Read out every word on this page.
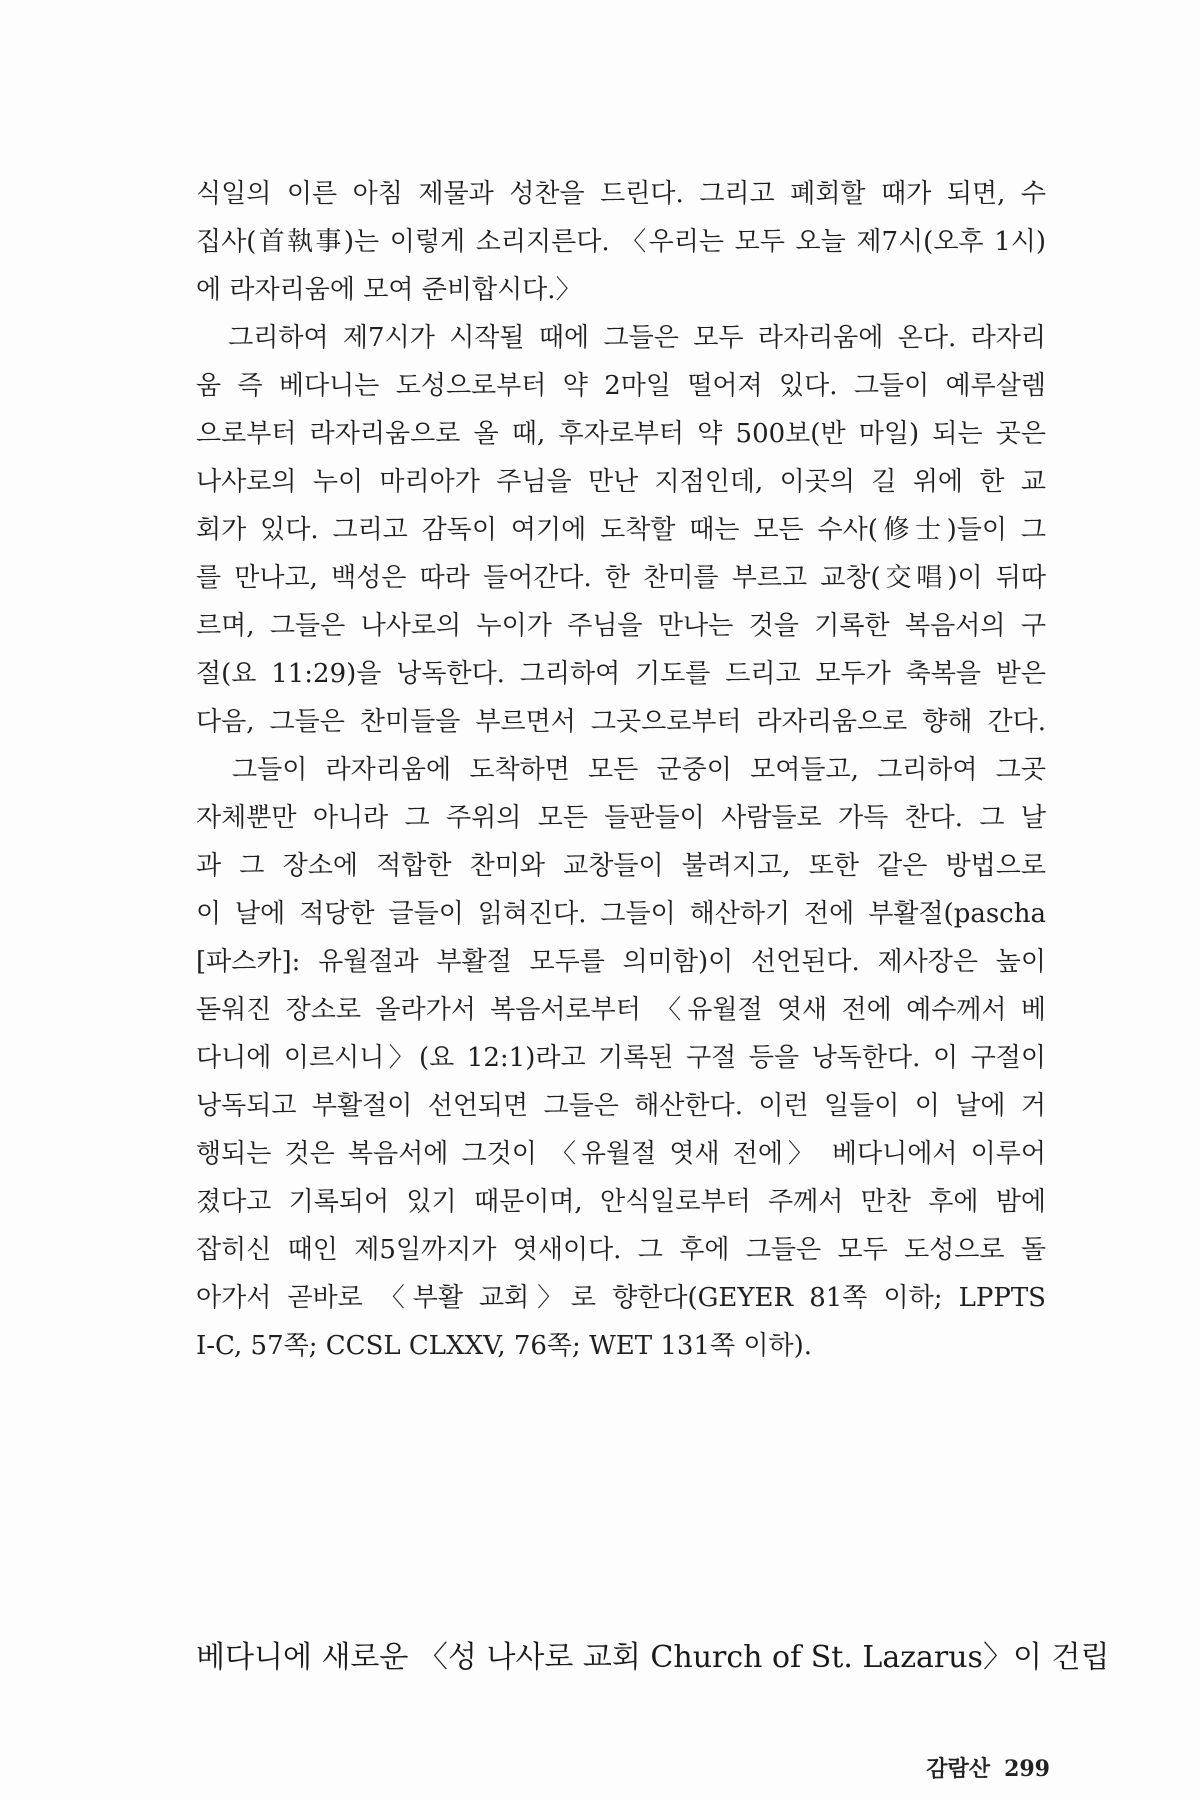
식일의 이른 아침 제물과 성찬을 드린다. 그리고 폐회할 때가 되면, 수
집사(首執事)는 이렇게 소리지른다. 〈우리는 모두 오늘 제7시(오후 1시)
에 라자리움에 모여 준비합시다.〉
　그리하여 제7시가 시작될 때에 그들은 모두 라자리움에 온다. 라자리
움 즉 베다니는 도성으로부터 약 2마일 떨어져 있다. 그들이 예루살렘
으로부터 라자리움으로 올 때, 후자로부터 약 500보(반 마일) 되는 곳은
나사로의 누이 마리아가 주님을 만난 지점인데, 이곳의 길 위에 한 교
회가 있다. 그리고 감독이 여기에 도착할 때는 모든 수사(修士)들이 그
를 만나고, 백성은 따라 들어간다. 한 찬미를 부르고 교창(交唱)이 뒤따
르며, 그들은 나사로의 누이가 주님을 만나는 것을 기록한 복음서의 구
절(요 11:29)을 낭독한다. 그리하여 기도를 드리고 모두가 축복을 받은
다음, 그들은 찬미들을 부르면서 그곳으로부터 라자리움으로 향해 간다.
　그들이 라자리움에 도착하면 모든 군중이 모여들고, 그리하여 그곳
자체뿐만 아니라 그 주위의 모든 들판들이 사람들로 가득 찬다. 그 날
과 그 장소에 적합한 찬미와 교창들이 불려지고, 또한 같은 방법으로
이 날에 적당한 글들이 읽혀진다. 그들이 해산하기 전에 부활절(pascha
[파스카]: 유월절과 부활절 모두를 의미함)이 선언된다. 제사장은 높이
돋워진 장소로 올라가서 복음서로부터 〈유월절 엿새 전에 예수께서 베
다니에 이르시니〉(요 12:1)라고 기록된 구절 등을 낭독한다. 이 구절이
낭독되고 부활절이 선언되면 그들은 해산한다. 이런 일들이 이 날에 거
행되는 것은 복음서에 그것이 〈유월절 엿새 전에〉 베다니에서 이루어
졌다고 기록되어 있기 때문이며, 안식일로부터 주께서 만찬 후에 밤에
잡히신 때인 제5일까지가 엿새이다. 그 후에 그들은 모두 도성으로 돌
아가서 곧바로 〈부활 교회〉로 향한다(GEYER 81쪽 이하; LPPTS
I-C, 57쪽; CCSL CLXXV, 76쪽; WET 131쪽 이하).
베다니에 새로운 〈성 나사로 교회 Church of St. Lazarus〉이 건립
감람산 299
